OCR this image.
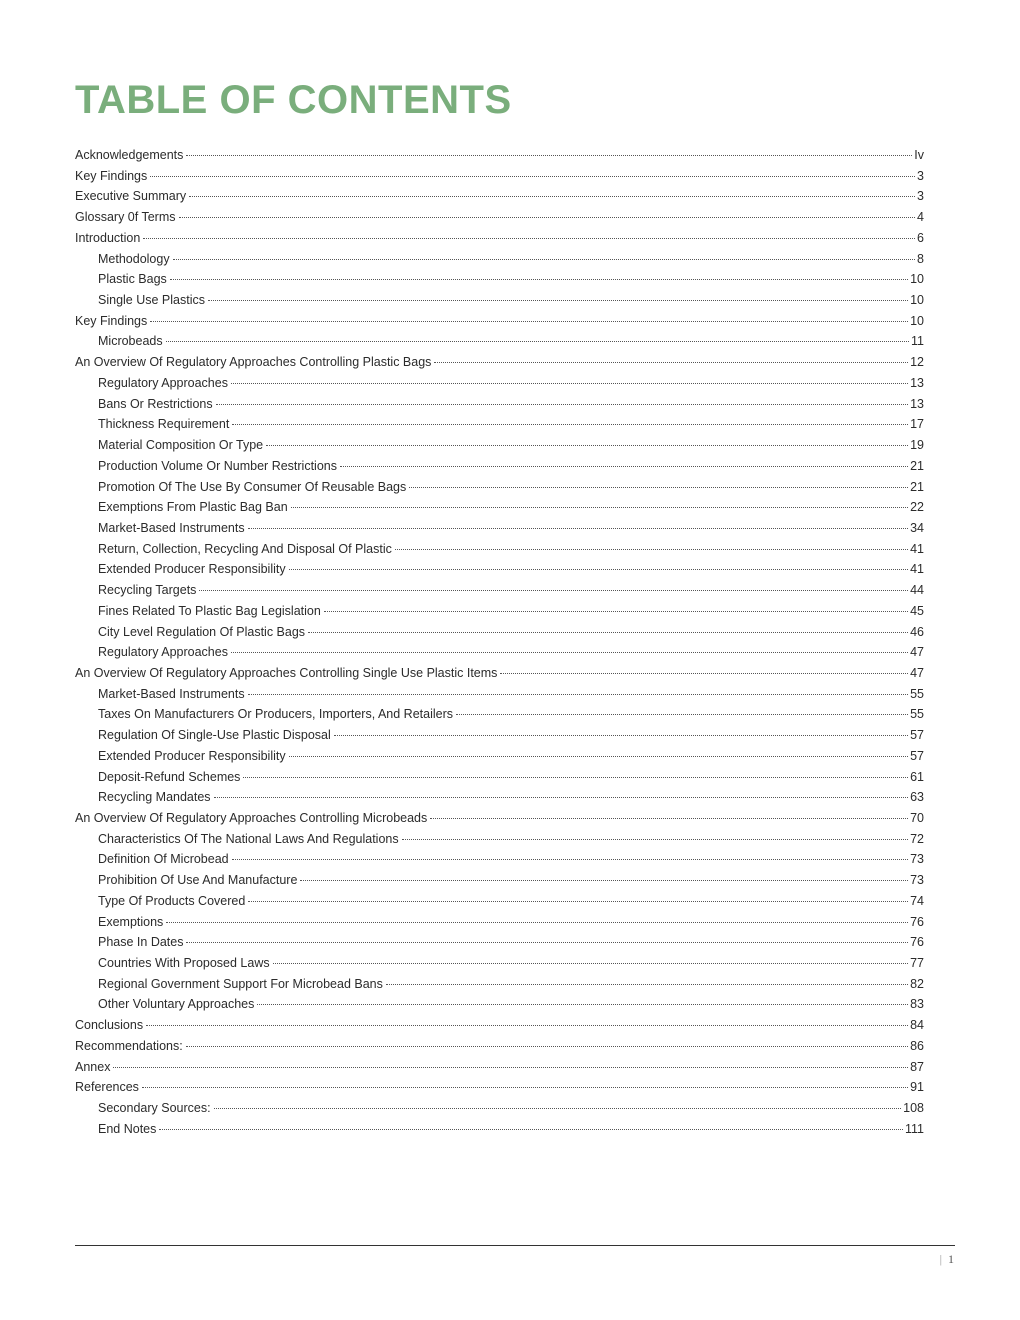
TABLE OF CONTENTS
Acknowledgements	Iv
Key Findings	3
Executive Summary	3
Glossary 0f Terms	4
Introduction	6
Methodology	8
Plastic Bags	10
Single Use Plastics	10
Key Findings	10
Microbeads	11
An Overview Of Regulatory Approaches Controlling Plastic Bags	12
Regulatory Approaches	13
Bans Or Restrictions	13
Thickness Requirement	17
Material Composition Or Type	19
Production Volume Or Number Restrictions	21
Promotion Of The Use By Consumer Of Reusable Bags	21
Exemptions From Plastic Bag Ban	22
Market-Based Instruments	34
Return, Collection, Recycling And Disposal Of Plastic	41
Extended Producer Responsibility	41
Recycling Targets	44
Fines Related To Plastic Bag Legislation	45
City Level Regulation Of Plastic Bags	46
Regulatory Approaches	47
An Overview Of Regulatory Approaches Controlling Single Use Plastic Items	47
Market-Based Instruments	55
Taxes On Manufacturers Or Producers, Importers, And Retailers	55
Regulation Of Single-Use Plastic Disposal	57
Extended Producer Responsibility	57
Deposit-Refund Schemes	61
Recycling Mandates	63
An Overview Of Regulatory Approaches Controlling Microbeads	70
Characteristics Of The National Laws And Regulations	72
Definition Of Microbead	73
Prohibition Of Use And Manufacture	73
Type Of Products Covered	74
Exemptions	76
Phase In Dates	76
Countries With Proposed Laws	77
Regional Government Support For Microbead Bans	82
Other Voluntary Approaches	83
Conclusions	84
Recommendations:	86
Annex	87
References	91
Secondary Sources:	108
End Notes	111
| 1
